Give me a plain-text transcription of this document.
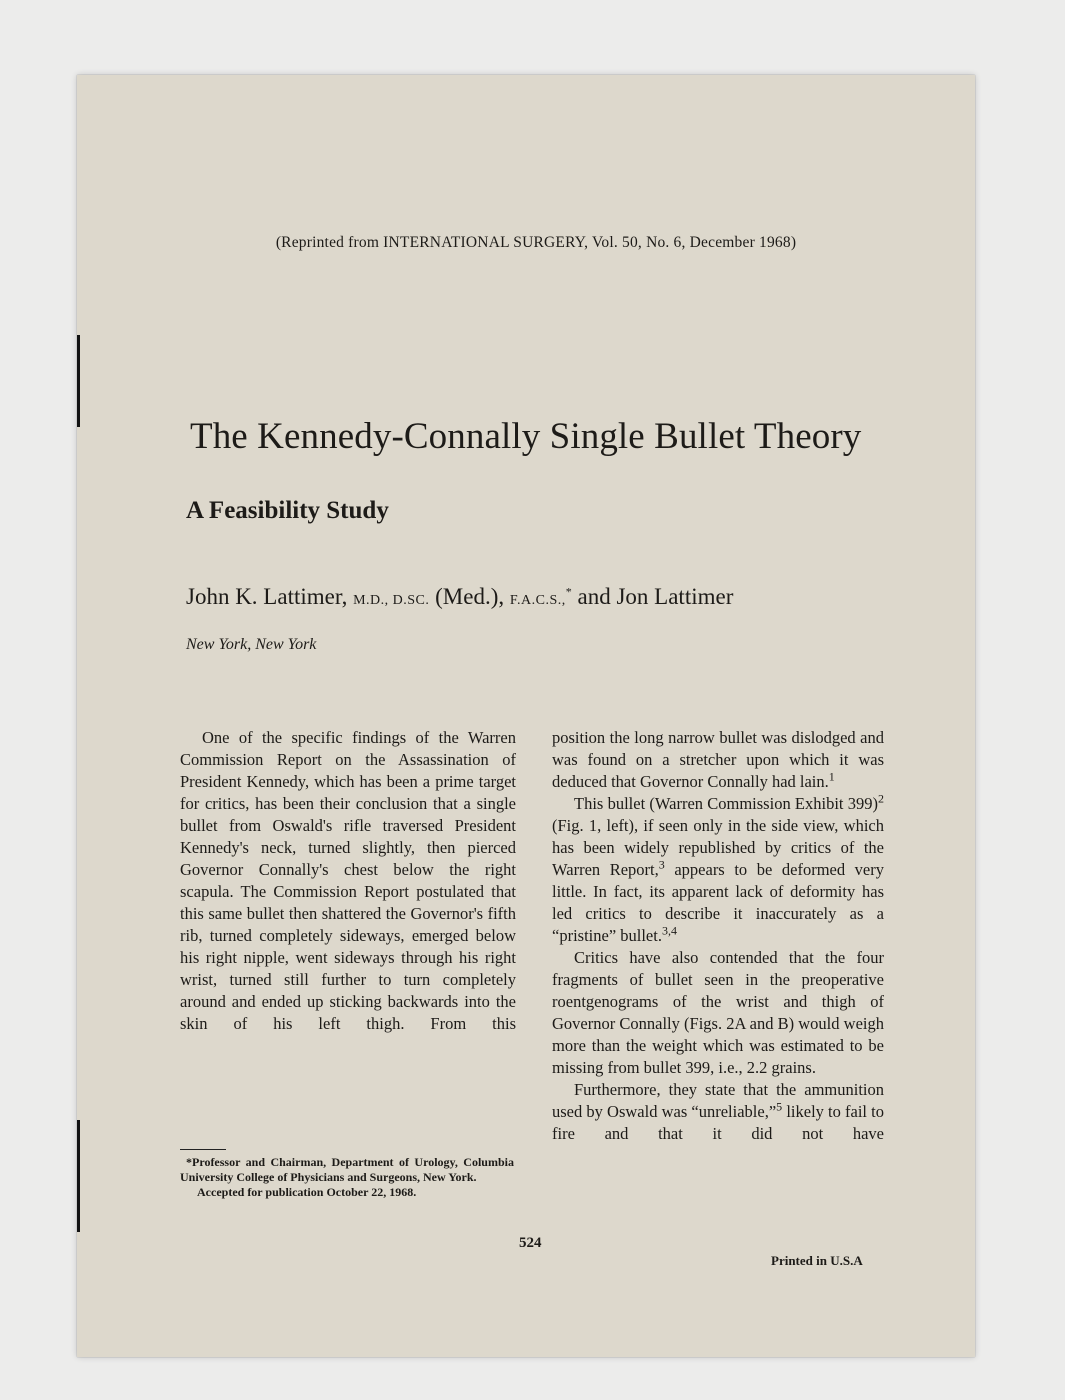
(Reprinted from INTERNATIONAL SURGERY, Vol. 50, No. 6, December 1968)
The Kennedy-Connally Single Bullet Theory
A Feasibility Study
John K. Lattimer, M.D., D.SC. (Med.), F.A.C.S.,* and Jon Lattimer
New York, New York

One of the specific findings of the Warren Commission Report on the Assassination of President Kennedy, which has been a prime target for critics, has been their conclusion that a single bullet from Oswald's rifle traversed President Kennedy's neck, turned slightly, then pierced Governor Connally's chest below the right scapula. The Commission Report postulated that this same bullet then shattered the Governor's fifth rib, turned completely sideways, emerged below his right nipple, went sideways through his right wrist, turned still further to turn completely around and ended up sticking backwards into the skin of his left thigh. From this

position the long narrow bullet was dislodged and was found on a stretcher upon which it was deduced that Governor Connally had lain.$^1$

This bullet (Warren Commission Exhibit 399)$^2$ (Fig. 1, left), if seen only in the side view, which has been widely republished by critics of the Warren Report,$^3$ appears to be deformed very little. In fact, its apparent lack of deformity has led critics to describe it inaccurately as a “pristine” bullet.$^{3,4}$

Critics have also contended that the four fragments of bullet seen in the preoperative roentgenograms of the wrist and thigh of Governor Connally (Figs. 2A and B) would weigh more than the weight which was estimated to be missing from bullet 399, i.e., 2.2 grains.

Furthermore, they state that the ammunition used by Oswald was “unreliable,”$^5$ likely to fail to fire and that it did not have

*Professor and Chairman, Department of Urology, Columbia University College of Physicians and Surgeons, New York.

Accepted for publication October 22, 1968.

524
Printed in U.S.A
